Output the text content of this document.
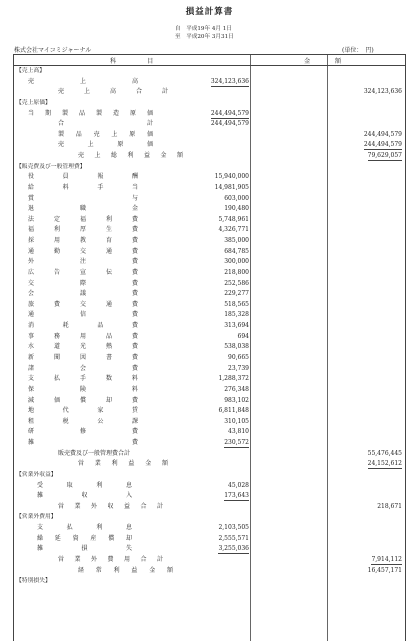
損益計算書
自　平成19年 4月 1日
至　平成20年 3月31日
株式会社マイコミジャーナル	(単位：　円)
科　　　　　目	金　　　　額
【売上高】
売上高	324,123,636
売上高合計	324,123,636
【売上原価】
当期製品製造原価	244,494,579
合計	244,494,579
製品売上原価	244,494,579
売上原価	244,494,579
売上総利益金額	79,629,057
【販売費及び一般管理費】
役員報酬	15,940,000
給料手当	14,981,905
賞与	603,000
退職金	190,480
法定福利費	5,748,961
福利厚生費	4,326,771
採用教育費	385,000
通勤交通費	684,785
外注費	300,000
広告宣伝費	218,800
交際費	252,586
会議費	229,277
旅費交通費	518,565
通信費	185,328
消耗品費	313,694
事務用品費	694
水道光熱費	538,038
新聞図書費	90,665
諸会費	23,739
支払手数料	1,288,372
保険料	276,348
減価償却費	983,102
地代家賃	6,811,848
租税公課	310,105
研修費	43,810
雑費	230,572
販売費及び一般管理費合計	55,476,445
営業利益金額	24,152,612
【営業外収益】
受取利息	45,028
雑収入	173,643
営業外収益合計	218,671
【営業外費用】
支払利息	2,103,505
繰延資産償却	2,555,571
雑損失	3,255,036
営業外費用合計	7,914,112
経常利益金額	16,457,171
【特別損失】
